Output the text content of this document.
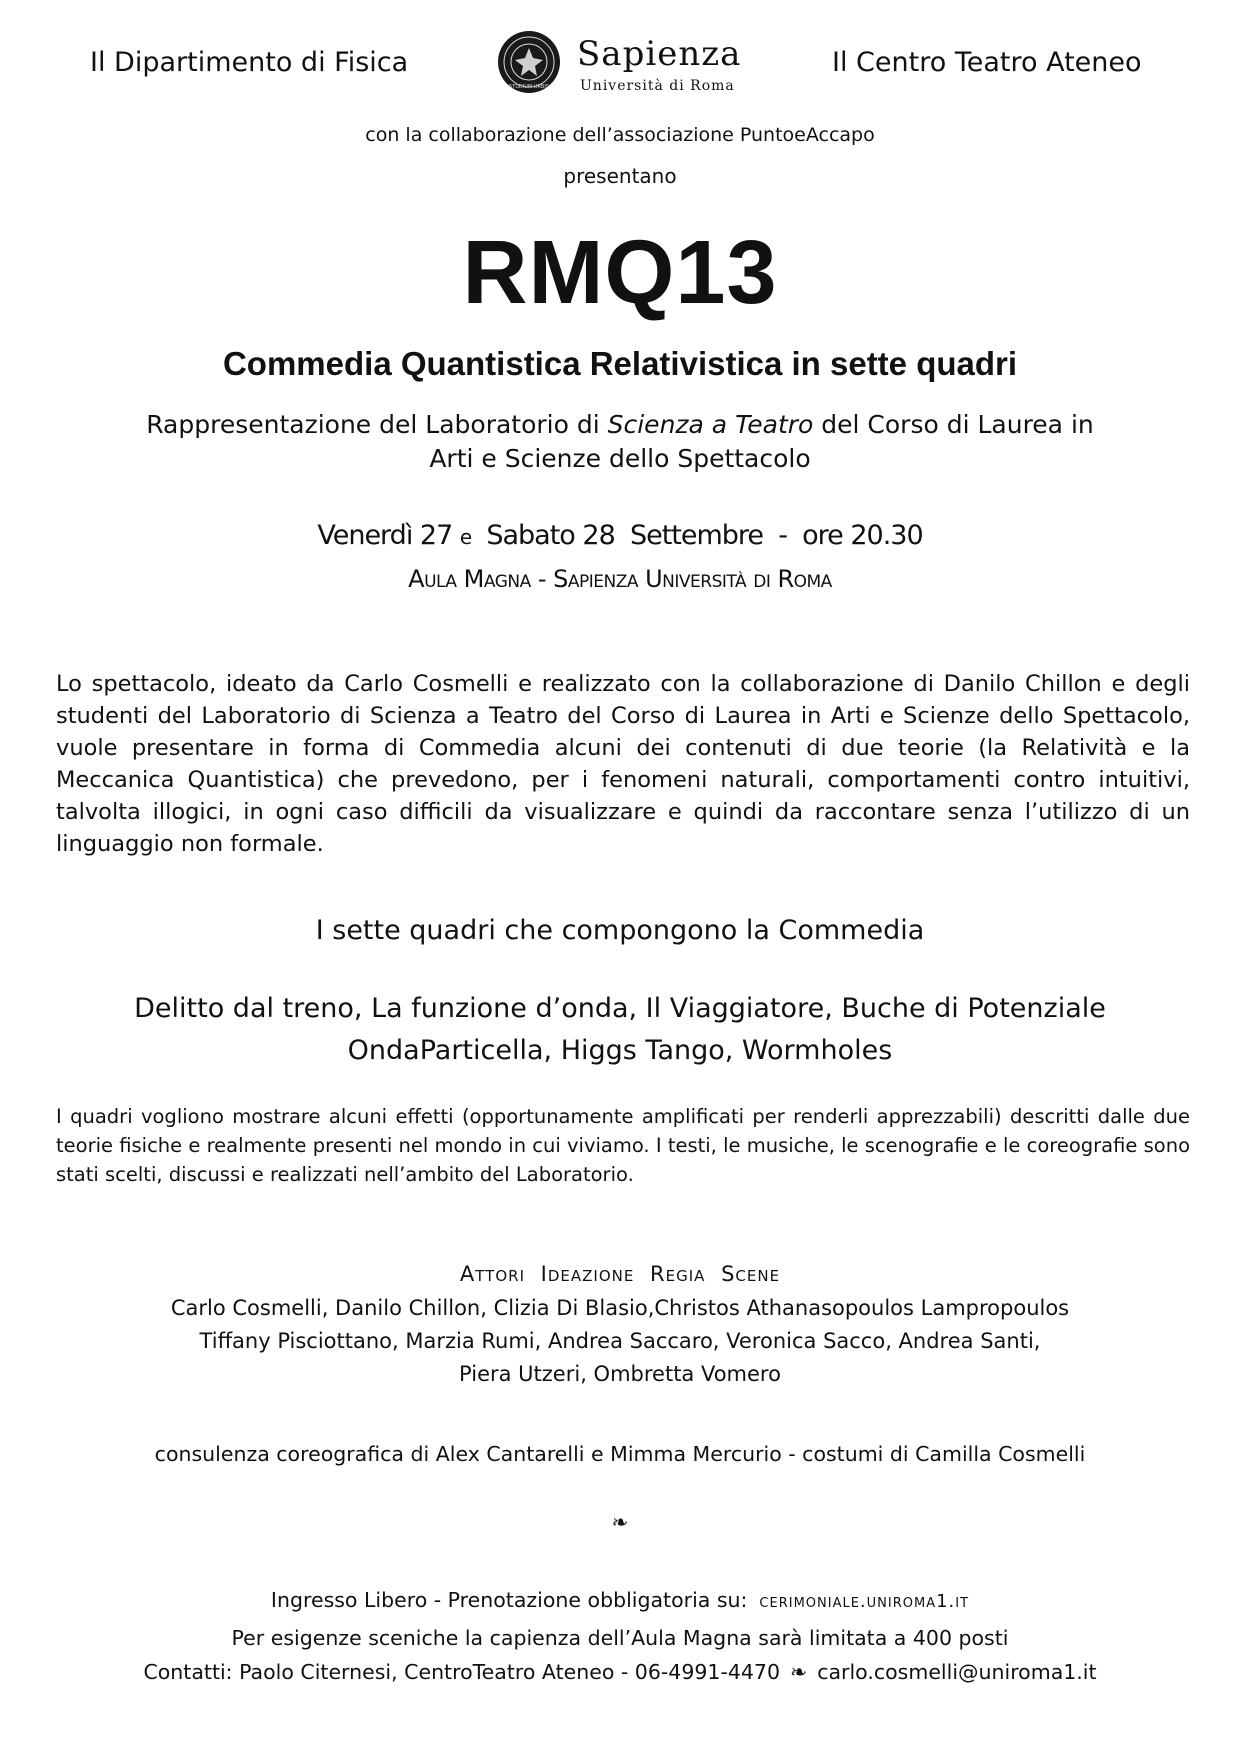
Il Dipartimento di Fisica	Il Centro Teatro Ateneo
STUDIUM URBIS
Sapienza
Università di Roma
con la collaborazione dell’associazione PuntoeAccapo
presentano
RMQ13
Commedia Quantistica Relativistica in sette quadri
Rappresentazione del Laboratorio di Scienza a Teatro del Corso di Laurea in
Arti e Scienze dello Spettacolo
Venerdì 27 e Sabato 28 Settembre - ore 20.30
Aula Magna - Sapienza Università di Roma
Lo spettacolo, ideato da Carlo Cosmelli e realizzato con la collaborazione di Danilo Chillon e degli studenti del Laboratorio di Scienza a Teatro del Corso di Laurea in Arti e Scienze dello Spettacolo, vuole presentare in forma di Commedia alcuni dei contenuti di due teorie (la Relatività e la Meccanica Quantistica) che prevedono, per i fenomeni naturali, comportamenti contro intuitivi, talvolta illogici, in ogni caso difficili da visualizzare e quindi da raccontare senza l’utilizzo di un linguaggio non formale.
I sette quadri che compongono la Commedia
Delitto dal treno, La funzione d’onda, Il Viaggiatore, Buche di Potenziale
OndaParticella, Higgs Tango, Wormholes
I quadri vogliono mostrare alcuni effetti (opportunamente amplificati per renderli apprezzabili) descritti dalle due teorie fisiche e realmente presenti nel mondo in cui viviamo. I testi, le musiche, le scenografie e le coreografie sono stati scelti, discussi e realizzati nell’ambito del Laboratorio.
Attori Ideazione Regia Scene
Carlo Cosmelli, Danilo Chillon, Clizia Di Blasio,Christos Athanasopoulos Lampropoulos
Tiffany Pisciottano, Marzia Rumi, Andrea Saccaro, Veronica Sacco, Andrea Santi,
Piera Utzeri, Ombretta Vomero
consulenza coreografica di Alex Cantarelli e Mimma Mercurio - costumi di Camilla Cosmelli
❧
Ingresso Libero - Prenotazione obbligatoria su: cerimoniale.uniroma1.it
Per esigenze sceniche la capienza dell’Aula Magna sarà limitata a 400 posti
Contatti: Paolo Citernesi, CentroTeatro Ateneo - 06-4991-4470 ❧ carlo.cosmelli@uniroma1.it
